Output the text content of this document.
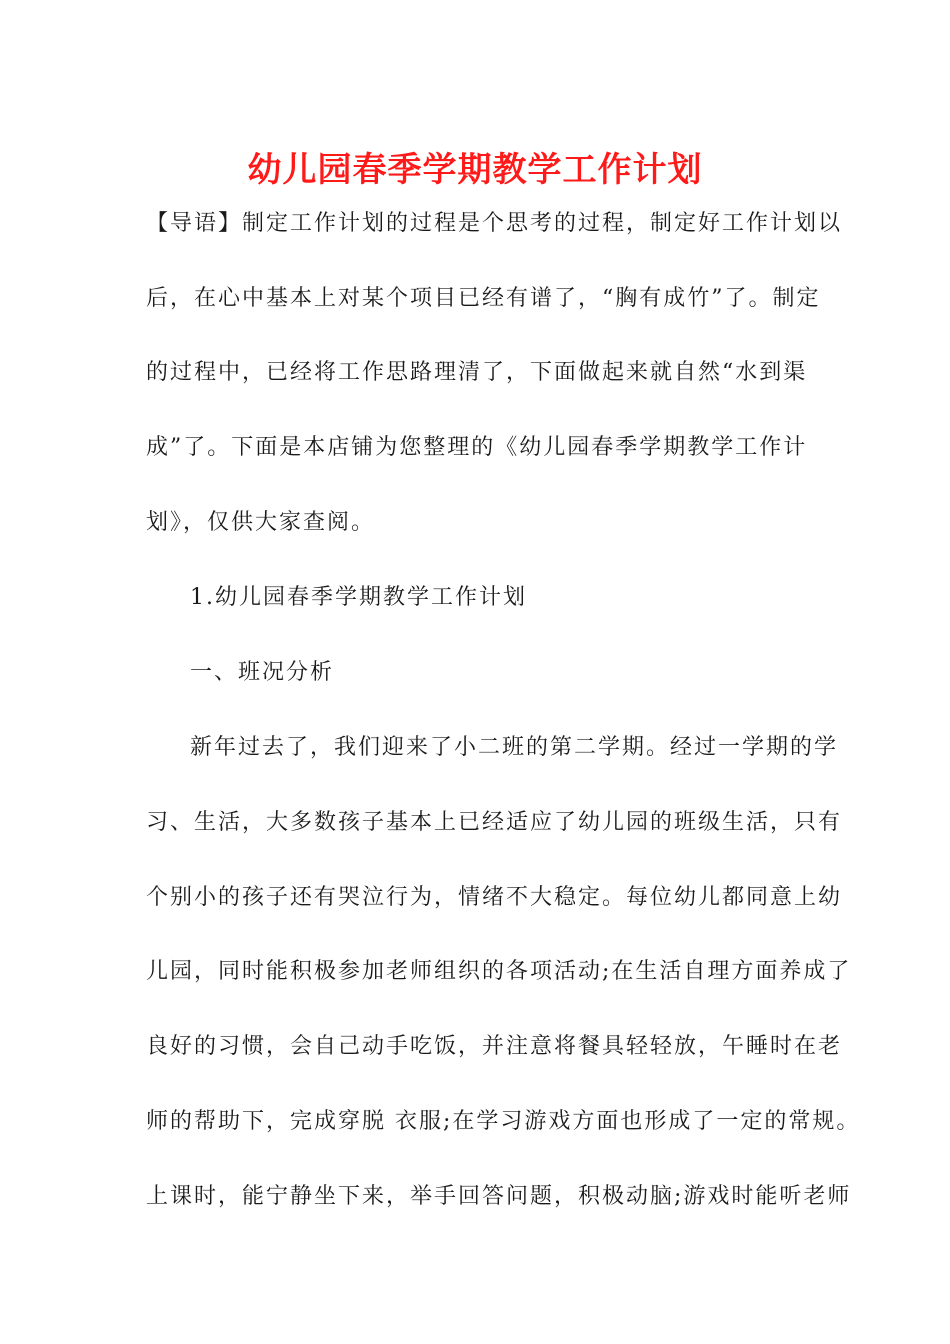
幼儿园春季学期教学工作计划
【导语】制定工作计划的过程是个思考的过程，制定好工作计划以
后，在心中基本上对某个项目已经有谱了，“胸有成竹”了。制定
的过程中，已经将工作思路理清了，下面做起来就自然“水到渠
成”了。下面是本店铺为您整理的《幼儿园春季学期教学工作计
划》，仅供大家查阅。
1.幼儿园春季学期教学工作计划
一、班况分析
新年过去了，我们迎来了小二班的第二学期。经过一学期的学
习、生活，大多数孩子基本上已经适应了幼儿园的班级生活，只有
个别小的孩子还有哭泣行为，情绪不大稳定。每位幼儿都同意上幼
儿园，同时能积极参加老师组织的各项活动;在生活自理方面养成了
良好的习惯，会自己动手吃饭，并注意将餐具轻轻放，午睡时在老
师的帮助下，完成穿脱 衣服;在学习游戏方面也形成了一定的常规。
上课时，能宁静坐下来，举手回答问题，积极动脑;游戏时能听老师
